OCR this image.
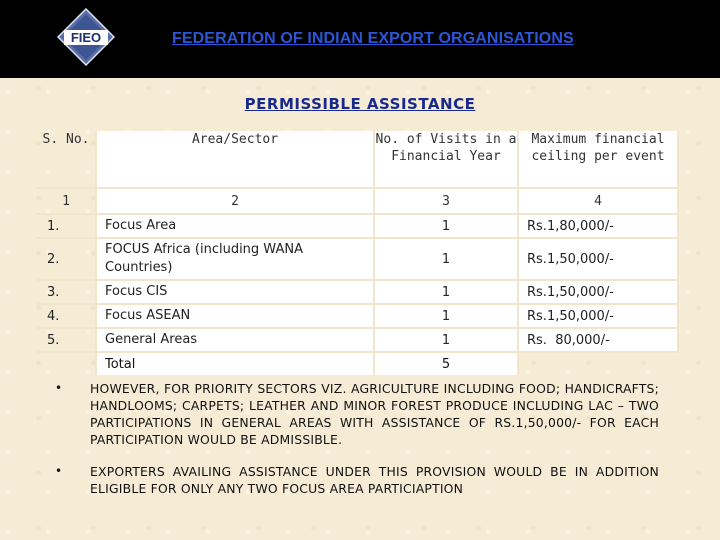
FIEO	FEDERATION OF INDIAN EXPORT ORGANISATIONS
PERMISSIBLE ASSISTANCE
S. No.	Area/Sector	No. of Visits in a Financial Year	Maximum financial ceiling per event
1	2	3	4
1.	Focus Area	1	Rs.1,80,000/-
2.	FOCUS Africa (including WANA Countries)	1	Rs.1,50,000/-
3.	Focus CIS	1	Rs.1,50,000/-
4.	Focus ASEAN	1	Rs.1,50,000/-
5.	General Areas	1	Rs.  80,000/-
	Total	5	
• HOWEVER, FOR PRIORITY SECTORS VIZ. AGRICULTURE INCLUDING FOOD; HANDICRAFTS; HANDLOOMS; CARPETS; LEATHER AND MINOR FOREST PRODUCE INCLUDING LAC – TWO PARTICIPATIONS IN GENERAL AREAS WITH ASSISTANCE OF RS.1,50,000/- FOR EACH PARTICIPATION WOULD BE ADMISSIBLE.
• EXPORTERS AVAILING ASSISTANCE UNDER THIS PROVISION WOULD BE IN ADDITION ELIGIBLE FOR ONLY ANY TWO FOCUS AREA PARTICIAPTION
